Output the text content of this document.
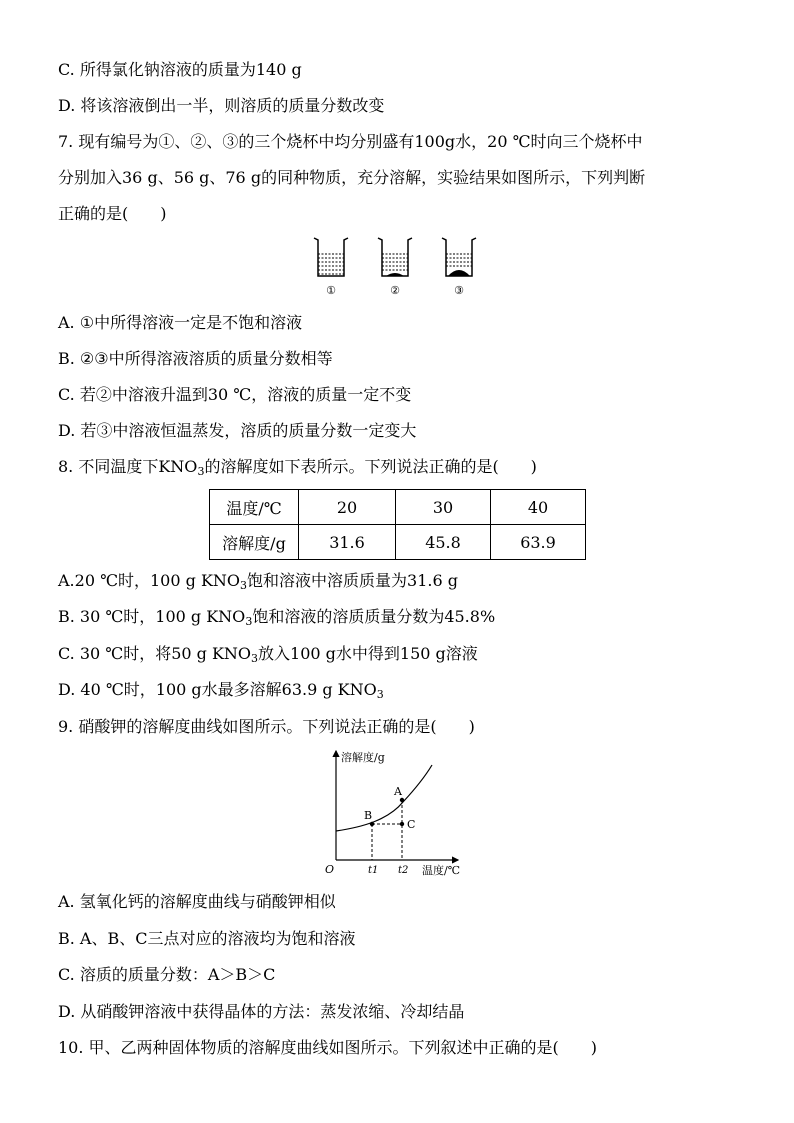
C. 所得氯化钠溶液的质量为140 g
D. 将该溶液倒出一半，则溶质的质量分数改变
7. 现有编号为①、②、③的三个烧杯中均分别盛有100g水，20 ℃时向三个烧杯中
分别加入36 g、56 g、76 g的同种物质，充分溶解，实验结果如图所示，下列判断
正确的是(　　)
①	②	③
A. ①中所得溶液一定是不饱和溶液
B. ②③中所得溶液溶质的质量分数相等
C. 若②中溶液升温到30 ℃，溶液的质量一定不变
D. 若③中溶液恒温蒸发，溶质的质量分数一定变大
8. 不同温度下$KNO_3$的溶解度如下表所示。下列说法正确的是(　　)
温度/℃	20	30	40
溶解度/g	31.6	45.8	63.9
A.20 ℃时，100 g $KNO_3$饱和溶液中溶质质量为31.6 g
B. 30 ℃时，100 g $KNO_3$饱和溶液的溶质质量分数为45.8%
C. 30 ℃时，将50 g $KNO_3$放入100 g水中得到150 g溶液
D. 40 ℃时，100 g水最多溶解63.9 g $KNO_3$
9. 硝酸钾的溶解度曲线如图所示。下列说法正确的是(　　)
溶解度/g
温度/℃
O
A
B
C
t1 t2
A. 氢氧化钙的溶解度曲线与硝酸钾相似
B. A、B、C三点对应的溶液均为饱和溶液
C. 溶质的质量分数：A＞B＞C
D. 从硝酸钾溶液中获得晶体的方法：蒸发浓缩、冷却结晶
10. 甲、乙两种固体物质的溶解度曲线如图所示。下列叙述中正确的是(　　)
